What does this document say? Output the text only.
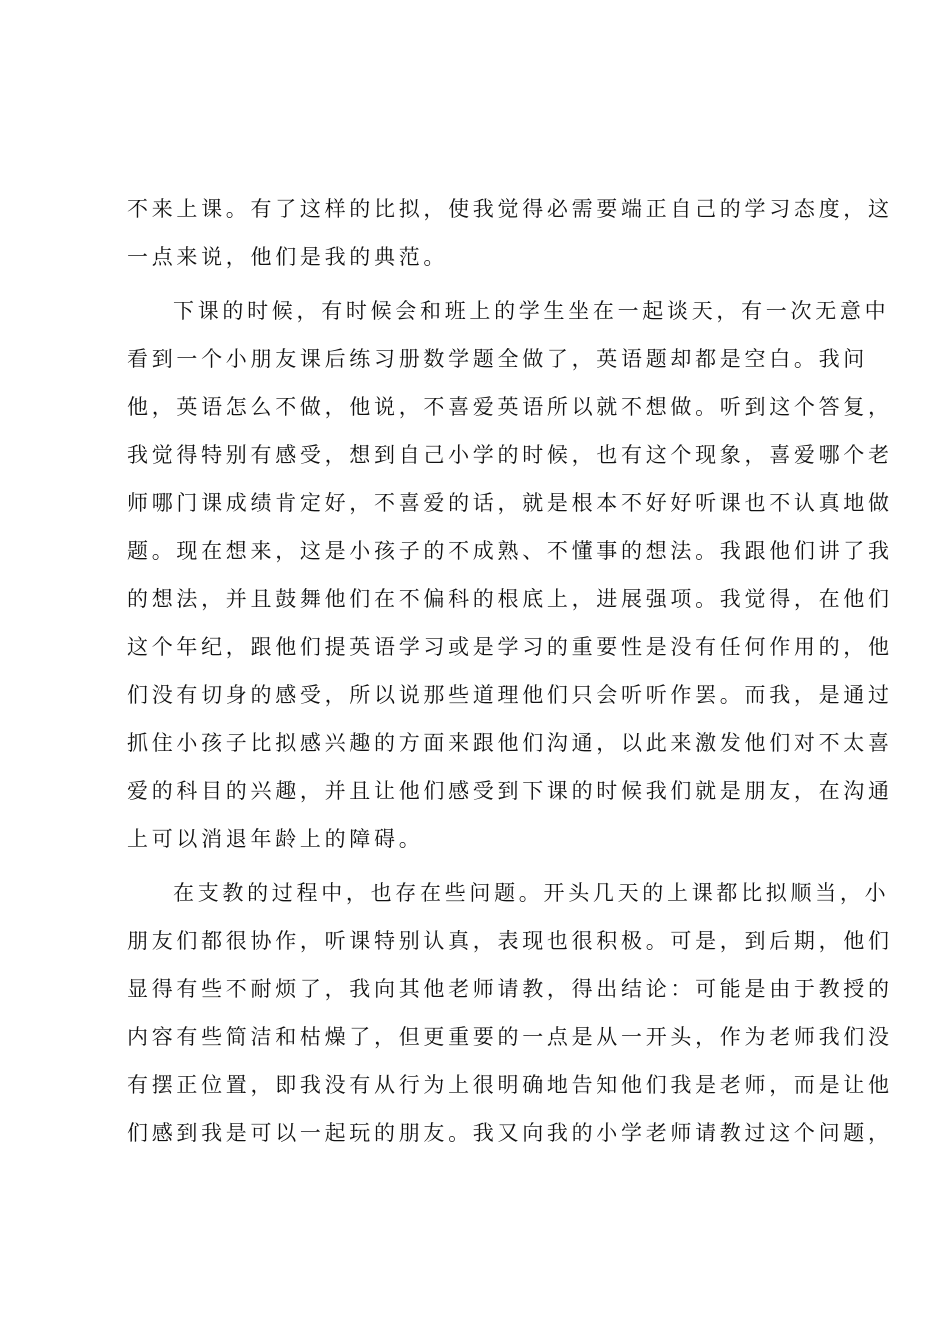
不来上课。有了这样的比拟，使我觉得必需要端正自己的学习态度，这
一点来说，他们是我的典范。
下课的时候，有时候会和班上的学生坐在一起谈天，有一次无意中
看到一个小朋友课后练习册数学题全做了，英语题却都是空白。我问
他，英语怎么不做，他说，不喜爱英语所以就不想做。听到这个答复，
我觉得特别有感受，想到自己小学的时候，也有这个现象，喜爱哪个老
师哪门课成绩肯定好，不喜爱的话，就是根本不好好听课也不认真地做
题。现在想来，这是小孩子的不成熟、不懂事的想法。我跟他们讲了我
的想法，并且鼓舞他们在不偏科的根底上，进展强项。我觉得，在他们
这个年纪，跟他们提英语学习或是学习的重要性是没有任何作用的，他
们没有切身的感受，所以说那些道理他们只会听听作罢。而我，是通过
抓住小孩子比拟感兴趣的方面来跟他们沟通，以此来激发他们对不太喜
爱的科目的兴趣，并且让他们感受到下课的时候我们就是朋友，在沟通
上可以消退年龄上的障碍。
在支教的过程中，也存在些问题。开头几天的上课都比拟顺当，小
朋友们都很协作，听课特别认真，表现也很积极。可是，到后期，他们
显得有些不耐烦了，我向其他老师请教，得出结论：可能是由于教授的
内容有些简洁和枯燥了，但更重要的一点是从一开头，作为老师我们没
有摆正位置，即我没有从行为上很明确地告知他们我是老师，而是让他
们感到我是可以一起玩的朋友。我又向我的小学老师请教过这个问题，
